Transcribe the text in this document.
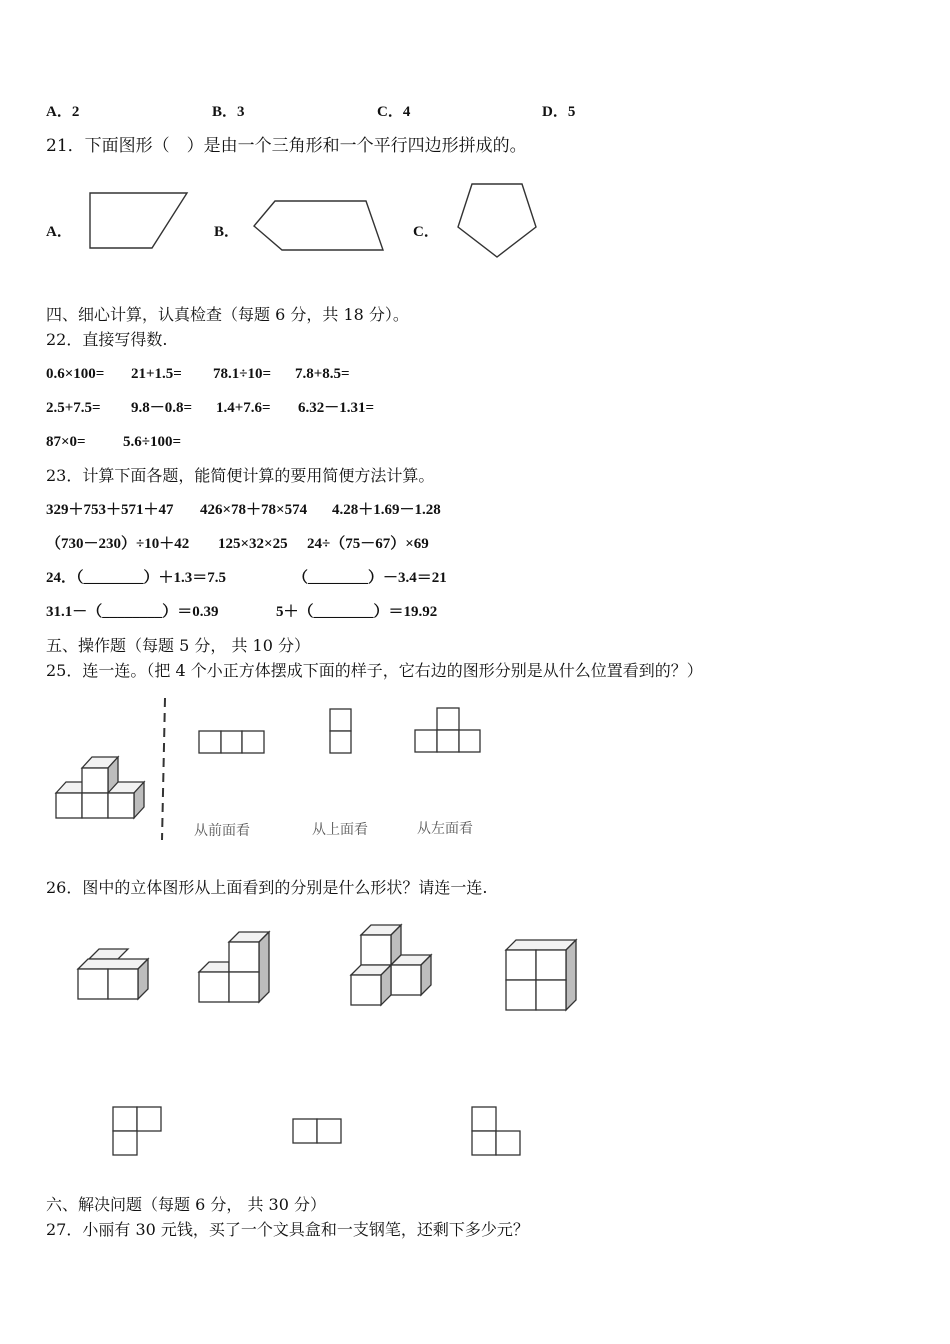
A．2	B．3	C．4	D．5
21．下面图形（　）是由一个三角形和一个平行四边形拼成的。
A．	B．	C．
四、细心计算，认真检查（每题 6 分，共 18 分）。
22．直接写得数.
0.6×100= 21+1.5= 78.1÷10= 7.8+8.5=
2.5+7.5= 9.8－0.8= 1.4+7.6= 6.32－1.31=
87×0= 5.6÷100=
23．计算下面各题，能简便计算的要用简便方法计算。
329＋753＋571＋47 426×78＋78×574 4.28＋1.69－1.28
（730－230）÷10＋42 125×32×25 24÷（75－67）×69
24．（________）＋1.3＝7.5	（________）－3.4＝21
31.1－（________）＝0.39	5＋（________）＝19.92
五、操作题（每题 5 分， 共 10 分）
25．连一连。（把 4 个小正方体摆成下面的样子，它右边的图形分别是从什么位置看到的？）
从前面看	从上面看	从左面看
26．图中的立体图形从上面看到的分别是什么形状？请连一连.
六、解决问题（每题 6 分， 共 30 分）
27．小丽有 30 元钱，买了一个文具盒和一支钢笔，还剩下多少元？
